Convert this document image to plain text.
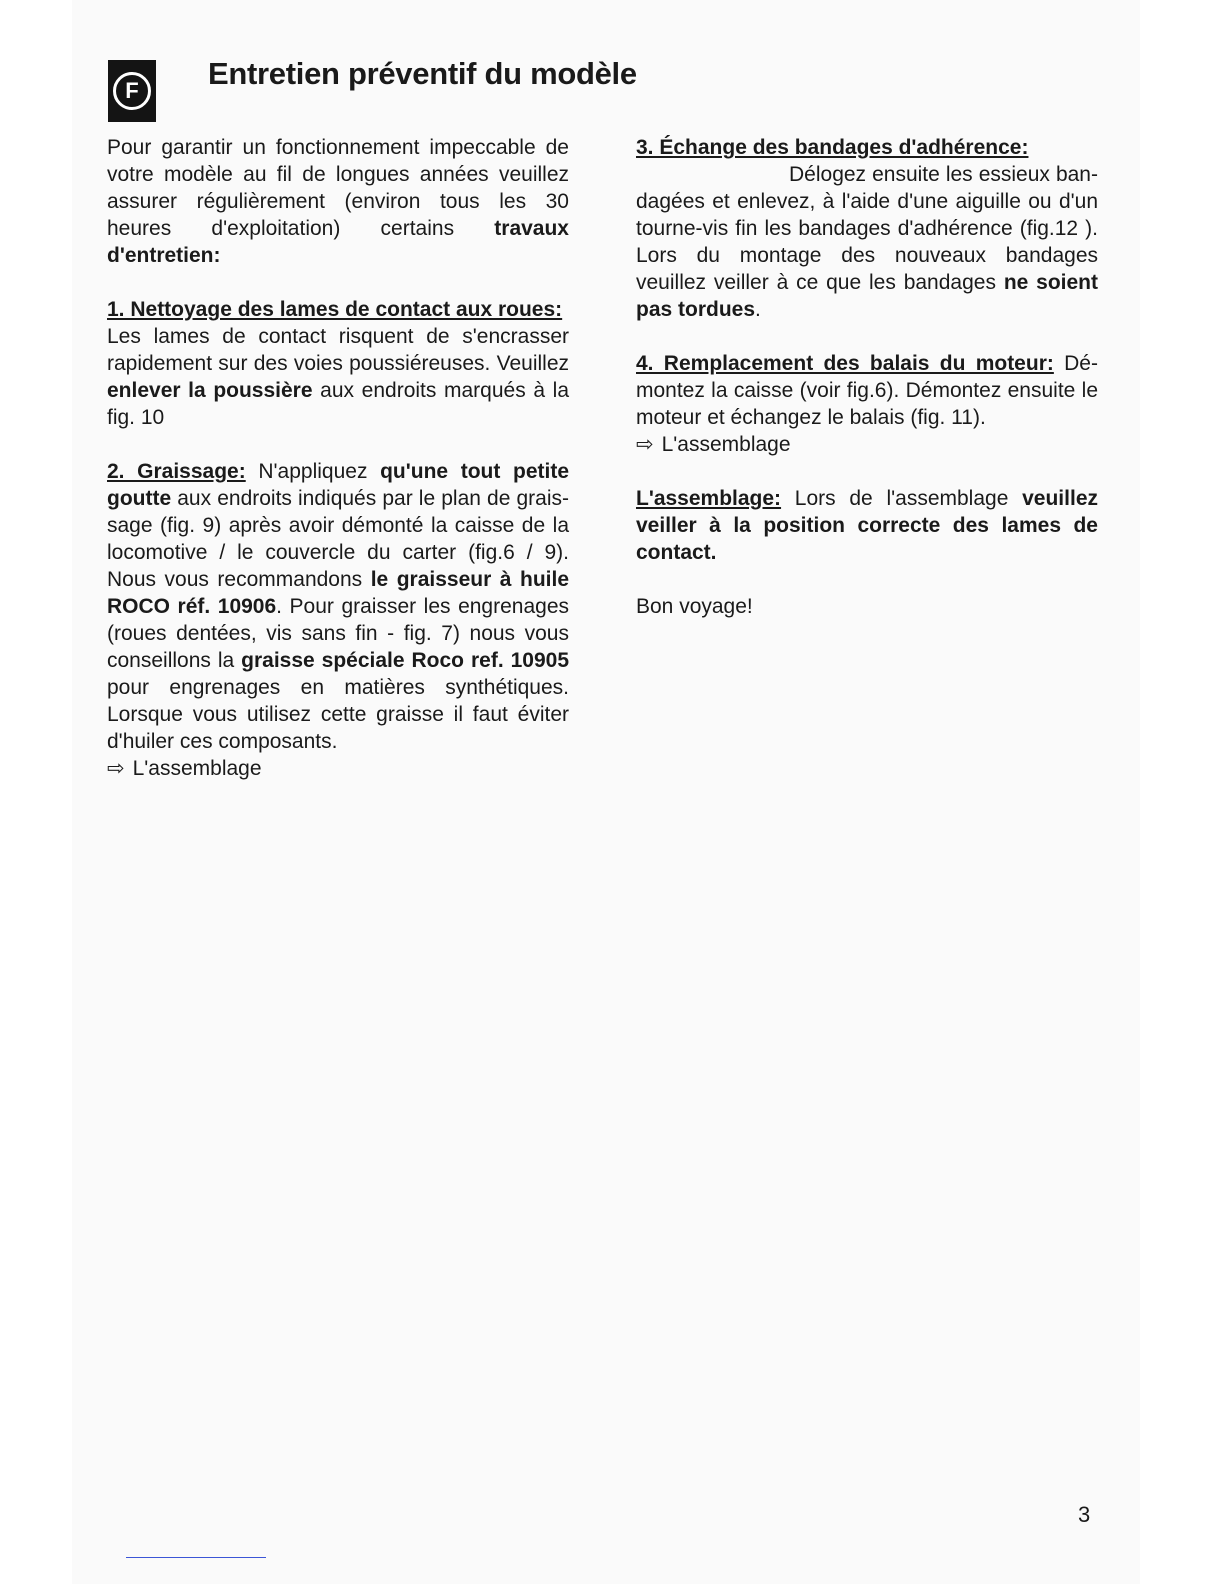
F	Entretien préventif du modèle

Pour garantir un fonctionnement impeccable de votre modèle au fil de longues années veuillez assurer régulièrement (environ tous les 30 heures d'exploitation) certains travaux d'entretien:

1. Nettoyage des lames de contact aux roues:
Les lames de contact risquent de s'encrasser rapidement sur des voies poussiéreuses. Veuillez enlever la poussière aux endroits marqués à la fig. 10

2. Graissage: N'appliquez qu'une tout petite goutte aux endroits indiqués par le plan de graissage (fig. 9) après avoir démonté la caisse de la locomotive / le couvercle du carter (fig.6 / 9). Nous vous recommandons le graisseur à huile ROCO réf. 10906. Pour graisser les engrenages (roues dentées, vis sans fin - fig. 7) nous vous conseillons la graisse spéciale Roco ref. 10905 pour engrenages en matières synthétiques. Lorsque vous utilisez cette graisse il faut éviter d'huiler ces composants.

⇨ L'assemblage

3. Échange des bandages d'adhérence:
Délogez ensuite les essieux bandagées et enlevez, à l'aide d'une aiguille ou d'un tourne-vis fin les bandages d'adhérence (fig.12 ). Lors du montage des nouveaux bandages veuillez veiller à ce que les bandages ne soient pas tordues.

4. Remplacement des balais du moteur: Démontez la caisse (voir fig.6). Démontez ensuite le moteur et échangez le balais (fig. 11).

⇨ L'assemblage

L'assemblage: Lors de l'assemblage veuillez veiller à la position correcte des lames de contact.

Bon voyage!

3
